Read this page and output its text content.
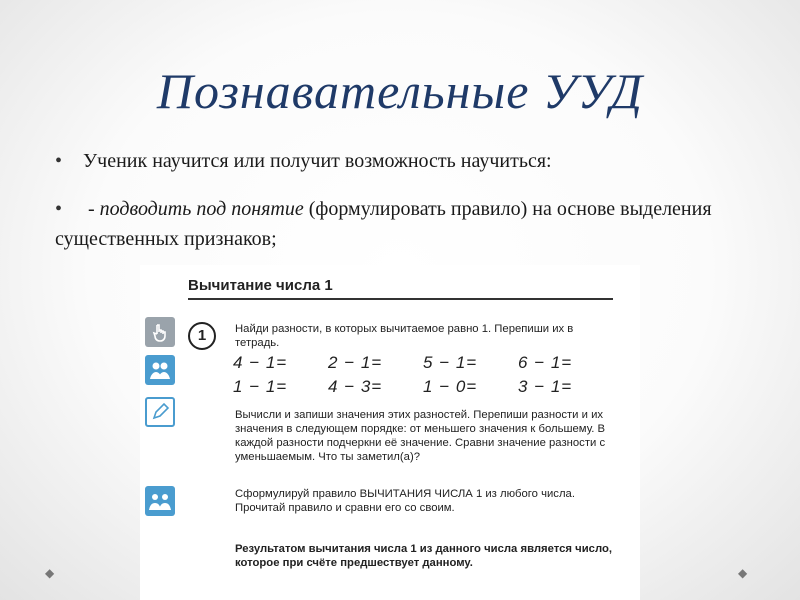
Познавательные УУД
• Ученик научится или получит возможность научиться:
• - подводить под понятие (формулировать правило) на основе выделения существенных признаков;
Вычитание числа 1
1	Найди разности, в которых вычитаемое равно 1. Перепиши их в тетрадь.
4 − 1=	2 − 1=	5 − 1=	6 − 1=
1 − 1=	4 − 3=	1 − 0=	3 − 1=
Вычисли и запиши значения этих разностей. Перепиши разности и их значения в следующем порядке: от меньшего значения к большему. В каждой разности подчеркни её значение. Сравни значение разности с уменьшаемым. Что ты заметил(а)?
Сформулируй правило ВЫЧИТАНИЯ ЧИСЛА 1 из любого числа. Прочитай правило и сравни его со своим.
Результатом вычитания числа 1 из данного числа является число, которое при счёте предшествует данному.
◆	◆
